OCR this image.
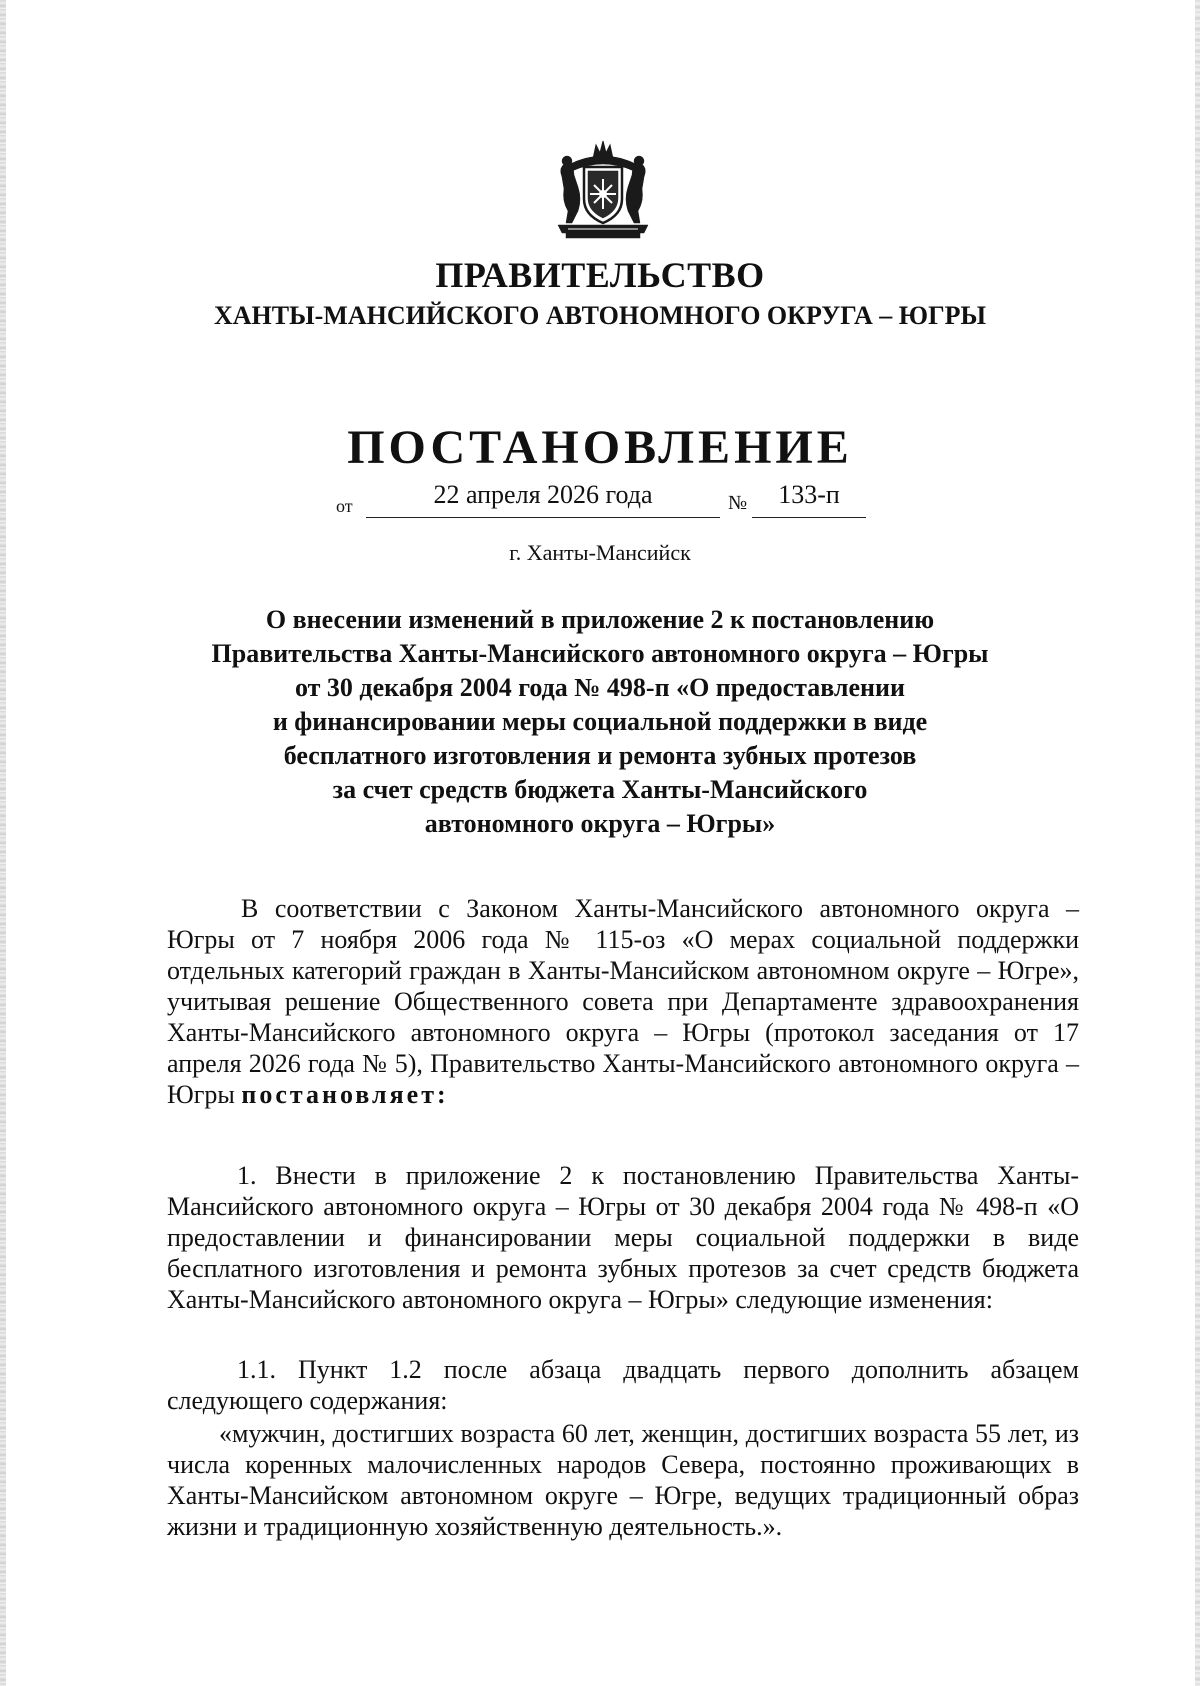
ПРАВИТЕЛЬСТВО
ХАНТЫ-МАНСИЙСКОГО АВТОНОМНОГО ОКРУГА – ЮГРЫ
ПОСТАНОВЛЕНИЕ
от	22 апреля 2026 года	№	133-п
г. Ханты-Мансийск
О внесении изменений в приложение 2 к постановлению
Правительства Ханты-Мансийского автономного округа – Югры
от 30 декабря 2004 года № 498-п «О предоставлении
и финансировании меры социальной поддержки в виде
бесплатного изготовления и ремонта зубных протезов
за счет средств бюджета Ханты-Мансийского
автономного округа – Югры»
В соответствии с Законом Ханты-Мансийского автономного округа – Югры от 7 ноября 2006 года № 115-оз «О мерах социальной поддержки отдельных категорий граждан в Ханты-Мансийском автономном округе – Югре», учитывая решение Общественного совета при Департаменте здравоохранения Ханты-Мансийского автономного округа – Югры (протокол заседания от 17 апреля 2026 года № 5), Правительство Ханты-Мансийского автономного округа – Югры постановляет:
1. Внести в приложение 2 к постановлению Правительства Ханты-Мансийского автономного округа – Югры от 30 декабря 2004 года № 498-п «О предоставлении и финансировании меры социальной поддержки в виде бесплатного изготовления и ремонта зубных протезов за счет средств бюджета Ханты-Мансийского автономного округа – Югры» следующие изменения:
1.1. Пункт 1.2 после абзаца двадцать первого дополнить абзацем следующего содержания:
«мужчин, достигших возраста 60 лет, женщин, достигших возраста 55 лет, из числа коренных малочисленных народов Севера, постоянно проживающих в Ханты-Мансийском автономном округе – Югре, ведущих традиционный образ жизни и традиционную хозяйственную деятельность.».
